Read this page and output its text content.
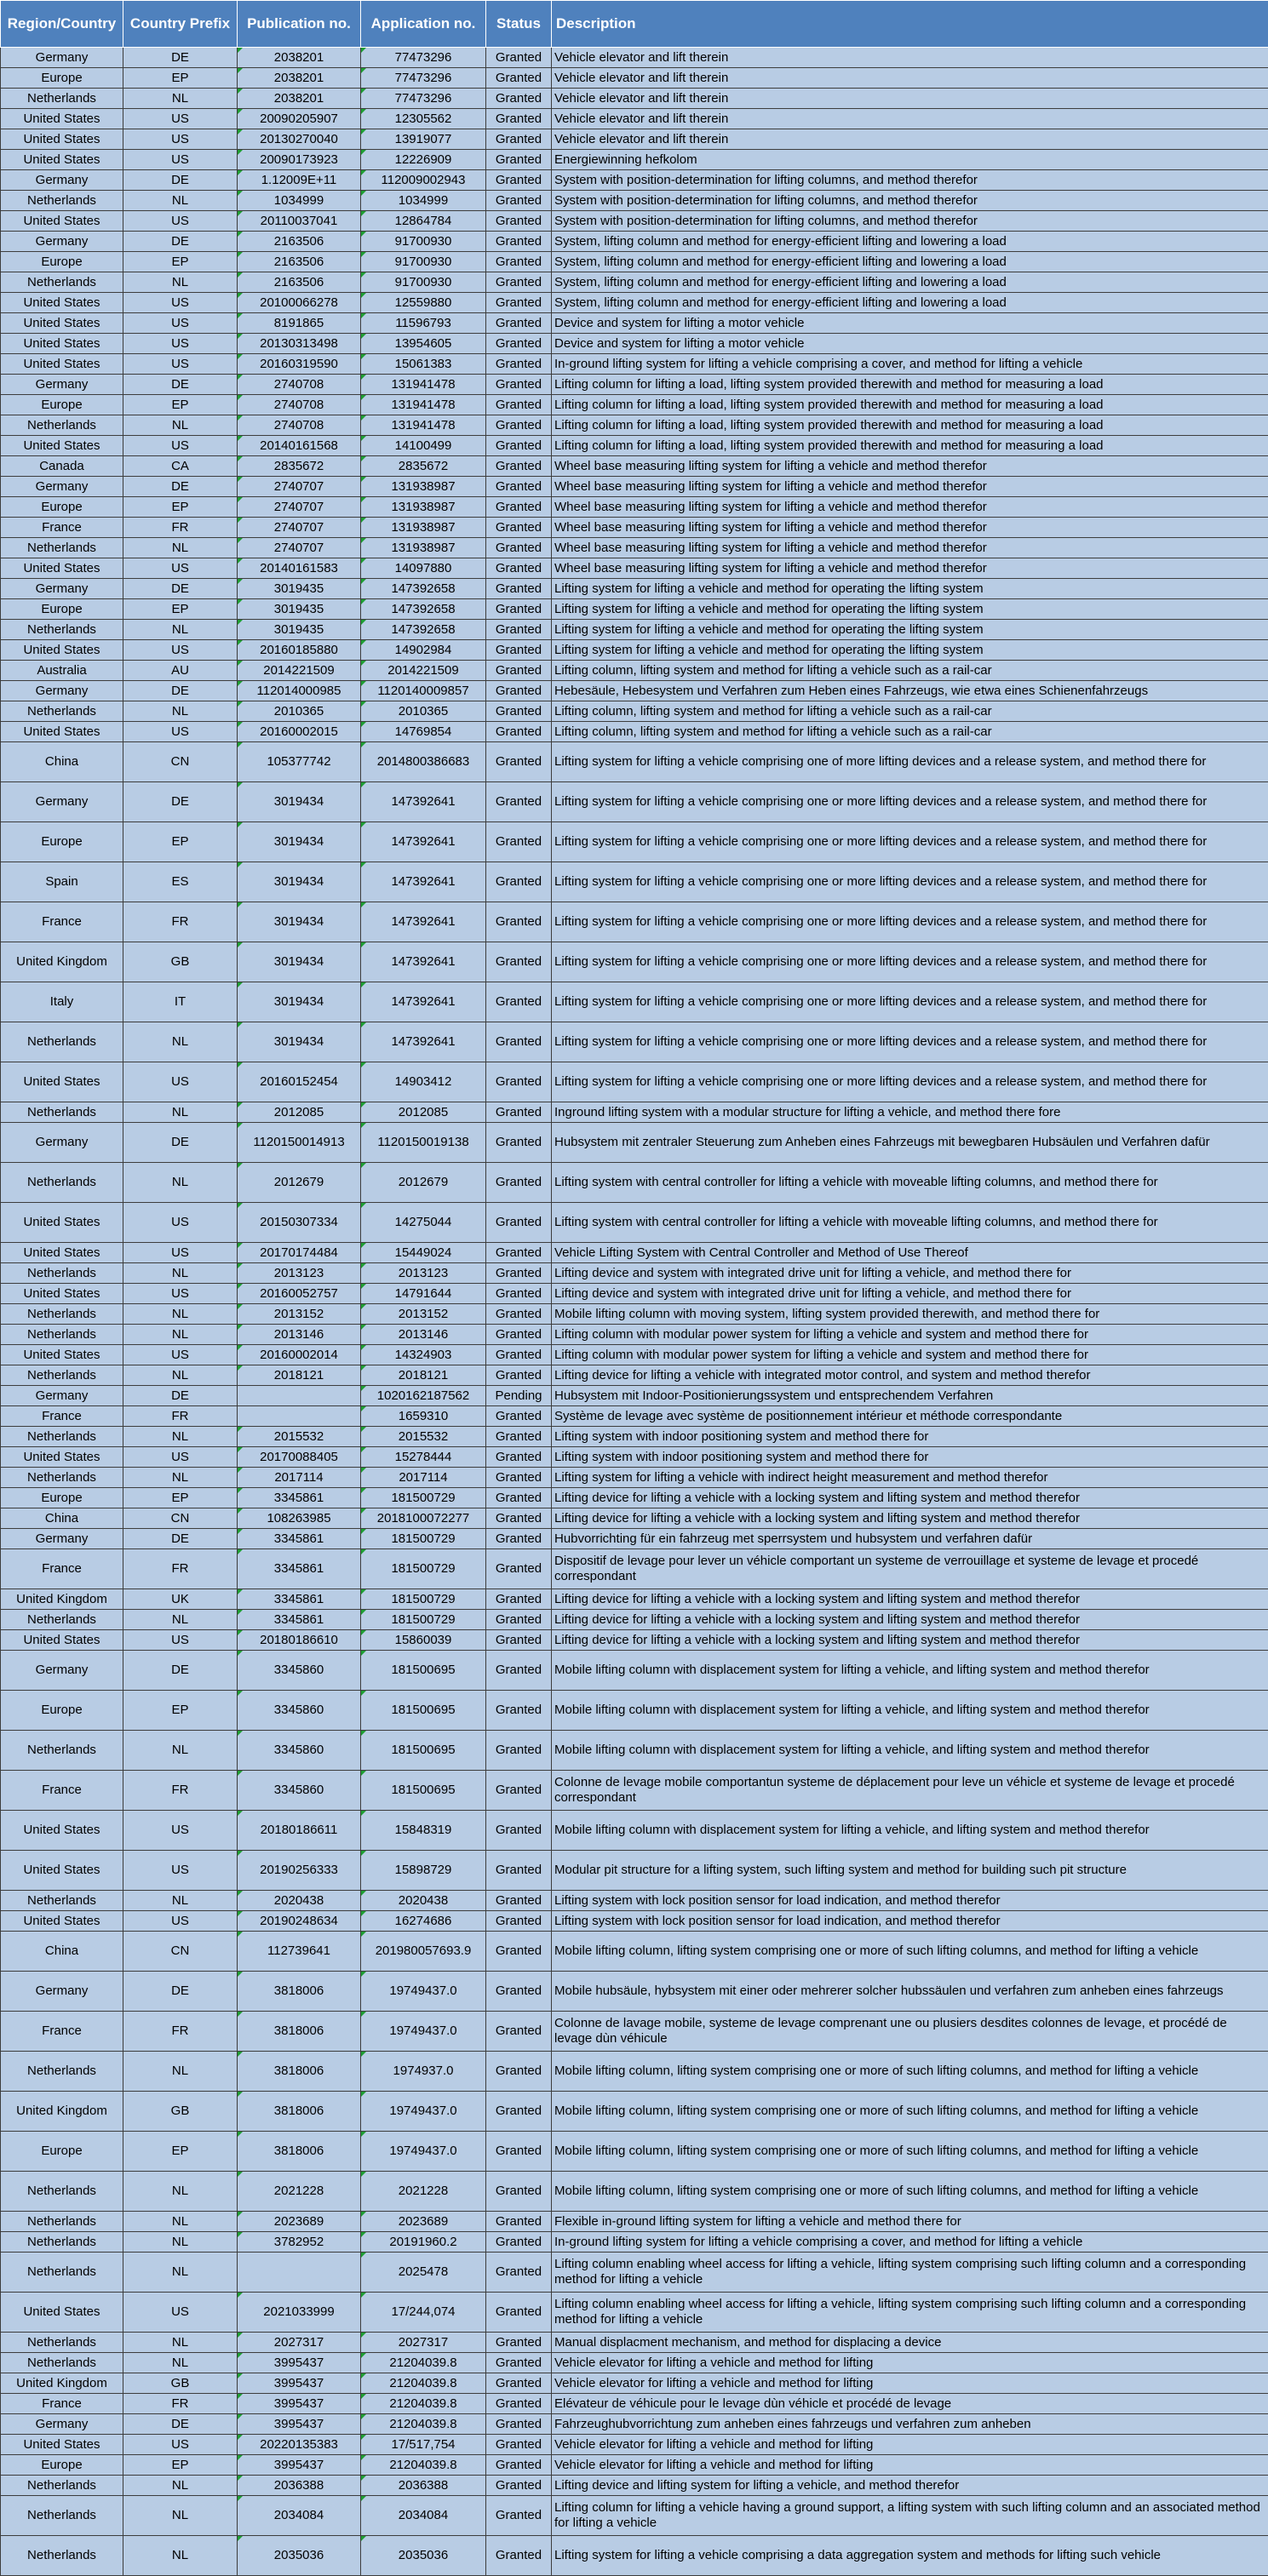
Region/Country	Country Prefix	Publication no.	Application no.	Status	Description
Germany	DE	2038201	77473296	Granted	Vehicle elevator and lift therein
Europe	EP	2038201	77473296	Granted	Vehicle elevator and lift therein
Netherlands	NL	2038201	77473296	Granted	Vehicle elevator and lift therein
United States	US	20090205907	12305562	Granted	Vehicle elevator and lift therein
United States	US	20130270040	13919077	Granted	Vehicle elevator and lift therein
United States	US	20090173923	12226909	Granted	Energiewinning hefkolom
Germany	DE	1.12009E+11	112009002943	Granted	System with position-determination for lifting columns, and method therefor
Netherlands	NL	1034999	1034999	Granted	System with position-determination for lifting columns, and method therefor
United States	US	20110037041	12864784	Granted	System with position-determination for lifting columns, and method therefor
Germany	DE	2163506	91700930	Granted	System, lifting column and method for energy-efficient lifting and lowering a load
Europe	EP	2163506	91700930	Granted	System, lifting column and method for energy-efficient lifting and lowering a load
Netherlands	NL	2163506	91700930	Granted	System, lifting column and method for energy-efficient lifting and lowering a load
United States	US	20100066278	12559880	Granted	System, lifting column and method for energy-efficient lifting and lowering a load
United States	US	8191865	11596793	Granted	Device and system for lifting a motor vehicle
United States	US	20130313498	13954605	Granted	Device and system for lifting a motor vehicle
United States	US	20160319590	15061383	Granted	In-ground lifting system for lifting a vehicle comprising a cover, and method for lifting a vehicle
Germany	DE	2740708	131941478	Granted	Lifting column for lifting a load, lifting system provided therewith and method for measuring a load
Europe	EP	2740708	131941478	Granted	Lifting column for lifting a load, lifting system provided therewith and method for measuring a load
Netherlands	NL	2740708	131941478	Granted	Lifting column for lifting a load, lifting system provided therewith and method for measuring a load
United States	US	20140161568	14100499	Granted	Lifting column for lifting a load, lifting system provided therewith and method for measuring a load
Canada	CA	2835672	2835672	Granted	Wheel base measuring lifting system for lifting a vehicle and method therefor
Germany	DE	2740707	131938987	Granted	Wheel base measuring lifting system for lifting a vehicle and method therefor
Europe	EP	2740707	131938987	Granted	Wheel base measuring lifting system for lifting a vehicle and method therefor
France	FR	2740707	131938987	Granted	Wheel base measuring lifting system for lifting a vehicle and method therefor
Netherlands	NL	2740707	131938987	Granted	Wheel base measuring lifting system for lifting a vehicle and method therefor
United States	US	20140161583	14097880	Granted	Wheel base measuring lifting system for lifting a vehicle and method therefor
Germany	DE	3019435	147392658	Granted	Lifting system for lifting a vehicle and method for operating the lifting system
Europe	EP	3019435	147392658	Granted	Lifting system for lifting a vehicle and method for operating the lifting system
Netherlands	NL	3019435	147392658	Granted	Lifting system for lifting a vehicle and method for operating the lifting system
United States	US	20160185880	14902984	Granted	Lifting system for lifting a vehicle and method for operating the lifting system
Australia	AU	2014221509	2014221509	Granted	Lifting column, lifting system and method for lifting a vehicle such as a rail-car
Germany	DE	112014000985	112014000985​7	Granted	Hebesäule, Hebesystem und Verfahren zum Heben eines Fahrzeugs, wie etwa eines Schienenfahrzeugs
Netherlands	NL	2010365	2010365	Granted	Lifting column, lifting system and method for lifting a vehicle such as a rail-car
United States	US	20160002015	14769854	Granted	Lifting column, lifting system and method for lifting a vehicle such as a rail-car
China	CN	105377742	2014800386683	Granted	Lifting system for lifting a vehicle comprising one of more lifting devices and a release system, and method there for
Germany	DE	3019434	147392641	Granted	Lifting system for lifting a vehicle comprising one or more lifting devices and a release system, and method there for
Europe	EP	3019434	147392641	Granted	Lifting system for lifting a vehicle comprising one or more lifting devices and a release system, and method there for
Spain	ES	3019434	147392641	Granted	Lifting system for lifting a vehicle comprising one or more lifting devices and a release system, and method there for
France	FR	3019434	147392641	Granted	Lifting system for lifting a vehicle comprising one or more lifting devices and a release system, and method there for
United Kingdom	GB	3019434	147392641	Granted	Lifting system for lifting a vehicle comprising one or more lifting devices and a release system, and method there for
Italy	IT	3019434	147392641	Granted	Lifting system for lifting a vehicle comprising one or more lifting devices and a release system, and method there for
Netherlands	NL	3019434	147392641	Granted	Lifting system for lifting a vehicle comprising one or more lifting devices and a release system, and method there for
United States	US	20160152454	14903412	Granted	Lifting system for lifting a vehicle comprising one or more lifting devices and a release system, and method there for
Netherlands	NL	2012085	2012085	Granted	Inground lifting system with a modular structure for lifting a vehicle, and method there fore
Germany	DE	1120150014913	1120150019138	Granted	Hubsystem mit zentraler Steuerung zum Anheben eines Fahrzeugs mit bewegbaren Hubsäulen und Verfahren dafür
Netherlands	NL	2012679	2012679	Granted	Lifting system with central controller for lifting a vehicle with moveable lifting columns, and method there for
United States	US	20150307334	14275044	Granted	Lifting system with central controller for lifting a vehicle with moveable lifting columns, and method there for
United States	US	20170174484	15449024	Granted	Vehicle Lifting System with Central Controller and Method of Use Thereof
Netherlands	NL	2013123	2013123	Granted	Lifting device and system with integrated drive unit for lifting a vehicle, and method there for
United States	US	20160052757	14791644	Granted	Lifting device and system with integrated drive unit for lifting a vehicle, and method there for
Netherlands	NL	2013152	2013152	Granted	Mobile lifting column with moving system, lifting system provided therewith, and method there for
Netherlands	NL	2013146	2013146	Granted	Lifting column with modular power system for lifting a vehicle and system and method there for
United States	US	20160002014	14324903	Granted	Lifting column with modular power system for lifting a vehicle and system and method there for
Netherlands	NL	2018121	2018121	Granted	Lifting device for lifting a vehicle with integrated motor control, and system and method therefor
Germany	DE		1020162187562	Pending	Hubsystem mit Indoor-Positionierungssystem und entsprechendem Verfahren
France	FR		1659310	Granted	Système de levage avec système de positionnement intérieur et méthode correspondante
Netherlands	NL	2015532	2015532	Granted	Lifting system with indoor positioning system and method there for
United States	US	20170088405	15278444	Granted	Lifting system with indoor positioning system and method there for
Netherlands	NL	2017114	2017114	Granted	Lifting system for lifting a vehicle with indirect height measurement and method therefor
Europe	EP	3345861	181500729	Granted	Lifting device for lifting a vehicle with a locking system and lifting system and method therefor
China	CN	108263985	2018100072277	Granted	Lifting device for lifting a vehicle with a locking system and lifting system and method therefor
Germany	DE	3345861	181500729	Granted	Hubvorrichting für ein fahrzeug met sperrsystem und hubsystem und verfahren dafür
France	FR	3345861	181500729	Granted	Dispositif de levage pour lever un véhicle comportant un systeme de verrouillage et systeme de levage et procedé correspondant
United Kingdom	UK	3345861	181500729	Granted	Lifting device for lifting a vehicle with a locking system and lifting system and method therefor
Netherlands	NL	3345861	181500729	Granted	Lifting device for lifting a vehicle with a locking system and lifting system and method therefor
United States	US	20180186610	15860039	Granted	Lifting device for lifting a vehicle with a locking system and lifting system and method therefor
Germany	DE	3345860	181500695	Granted	Mobile lifting column with displacement system for lifting a vehicle, and lifting system and method therefor
Europe	EP	3345860	181500695	Granted	Mobile lifting column with displacement system for lifting a vehicle, and lifting system and method therefor
Netherlands	NL	3345860	181500695	Granted	Mobile lifting column with displacement system for lifting a vehicle, and lifting system and method therefor
France	FR	3345860	181500695	Granted	Colonne de levage mobile comportantun systeme de déplacement pour leve un véhicle et systeme de levage et procedé correspondant
United States	US	20180186611	15848319	Granted	Mobile lifting column with displacement system for lifting a vehicle, and lifting system and method therefor
United States	US	20190256333	15898729	Granted	Modular pit structure for a lifting system, such lifting system and method for building such pit structure
Netherlands	NL	2020438	2020438	Granted	Lifting system with lock position sensor for load indication, and method therefor
United States	US	20190248634	16274686	Granted	Lifting system with lock position sensor for load indication, and method therefor
China	CN	112739641	201980057693.9	Granted	Mobile lifting column, lifting system comprising one or more of such lifting columns, and method for lifting a vehicle
Germany	DE	3818006	19749437.0	Granted	Mobile hubsäule, hybsystem mit einer oder mehrerer solcher hubssäulen und verfahren zum anheben eines fahrzeugs
France	FR	3818006	19749437.0	Granted	Colonne de lavage mobile, systeme de levage comprenant une ou plusiers desdites colonnes de levage, et procédé de levage dùn véhicule
Netherlands	NL	3818006	1974937.0	Granted	Mobile lifting column, lifting system comprising one or more of such lifting columns, and method for lifting a vehicle
United Kingdom	GB	3818006	19749437.0	Granted	Mobile lifting column, lifting system comprising one or more of such lifting columns, and method for lifting a vehicle
Europe	EP	3818006	19749437.0	Granted	Mobile lifting column, lifting system comprising one or more of such lifting columns, and method for lifting a vehicle
Netherlands	NL	2021228	2021228	Granted	Mobile lifting column, lifting system comprising one or more of such lifting columns, and method for lifting a vehicle
Netherlands	NL	2023689	2023689	Granted	Flexible in-ground lifting system for lifting a vehicle and method there for
Netherlands	NL	3782952	20191960.2	Granted	In-ground lifting system for lifting a vehicle comprising a cover, and method for lifting a vehicle
Netherlands	NL		2025478	Granted	Lifting column enabling wheel access for lifting a vehicle, lifting system comprising such lifting column and a corresponding method for lifting a vehicle
United States	US	2021033999	17/244,074	Granted	Lifting column enabling wheel access for lifting a vehicle, lifting system comprising such lifting column and a corresponding method for lifting a vehicle
Netherlands	NL	2027317	2027317	Granted	Manual displacment mechanism, and method for displacing a device
Netherlands	NL	3995437	21204039.8	Granted	Vehicle elevator for lifting a vehicle and method for lifting
United Kingdom	GB	3995437	21204039.8	Granted	Vehicle elevator for lifting a vehicle and method for lifting
France	FR	3995437	21204039.8	Granted	Elévateur de véhicule pour le levage dùn véhicle et procédé de levage
Germany	DE	3995437	21204039.8	Granted	Fahrzeughubvorrichtung zum anheben eines fahrzeugs und verfahren zum anheben
United States	US	20220135383	17/517,754	Granted	Vehicle elevator for lifting a vehicle and method for lifting
Europe	EP	3995437	21204039.8	Granted	Vehicle elevator for lifting a vehicle and method for lifting
Netherlands	NL	2036388	2036388	Granted	Lifting device and lifting system for lifting a vehicle, and method therefor
Netherlands	NL	2034084	2034084	Granted	Lifting column for lifting a vehicle having a ground support, a lifting system with such lifting column and an associated method for lifting a vehicle
Netherlands	NL	2035036	2035036	Granted	Lifting system for lifting a vehicle comprising a data aggregation system and methods for lifting such vehicle
